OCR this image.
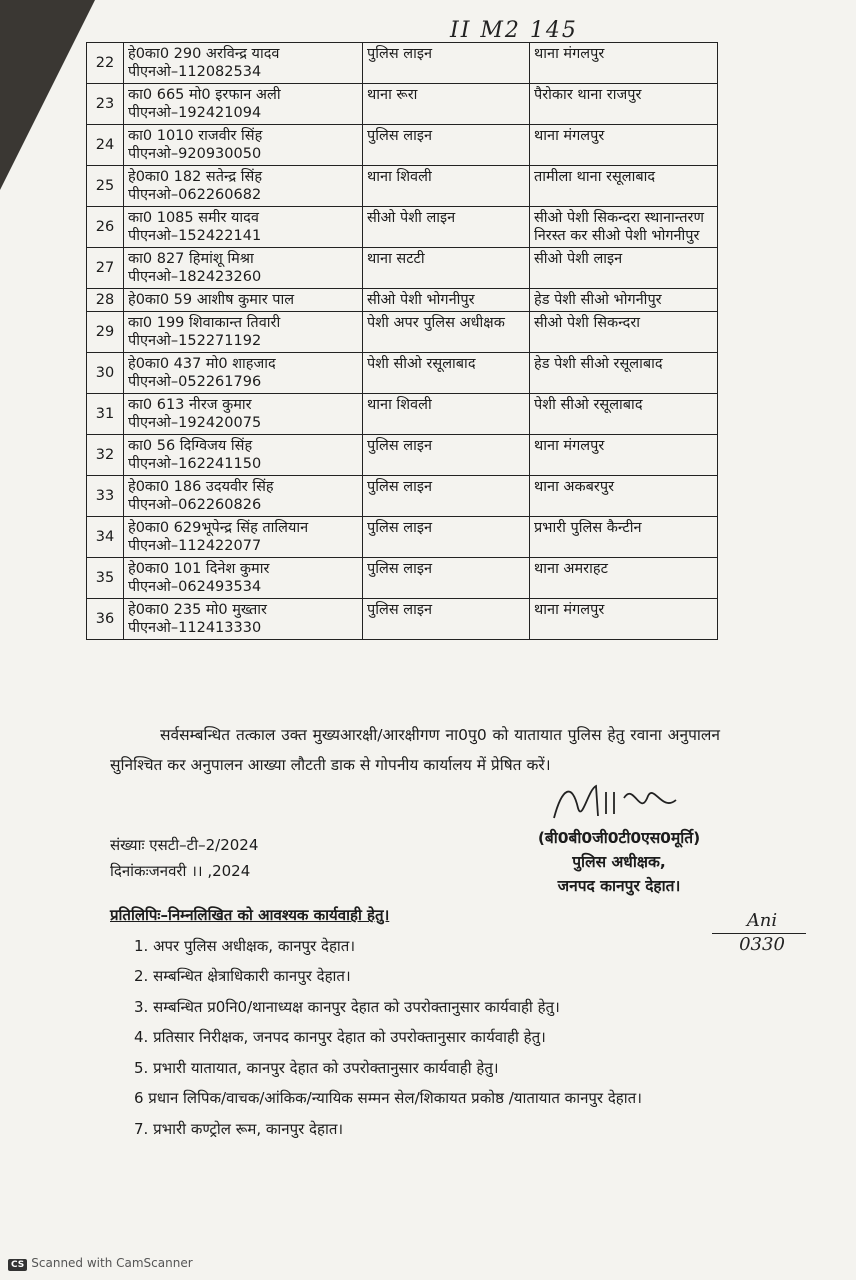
II M2 145
22	हे0का0 290 अरविन्द्र यादव
पीएनओ–112082534	पुलिस लाइन	थाना मंगलपुर

23	का0 665 मो0 इरफान अली
पीएनओ–192421094	थाना रूरा	पैरोकार थाना राजपुर

24	का0 1010 राजवीर सिंह
पीएनओ–920930050	पुलिस लाइन	थाना मंगलपुर

25	हे0का0 182 सतेन्द्र सिंह
पीएनओ–062260682	थाना शिवली	तामीला थाना रसूलाबाद

26	का0 1085 समीर यादव
पीएनओ–152422141	सीओ पेशी लाइन	सीओ पेशी सिकन्दरा स्थानान्तरण निरस्त कर सीओ पेशी भोगनीपुर

27	का0 827 हिमांशू मिश्रा
पीएनओ–182423260	थाना सटटी	सीओ पेशी लाइन

28	हे0का0 59 आशीष कुमार पाल	सीओ पेशी भोगनीपुर	हेड पेशी सीओ भोगनीपुर

29	का0 199 शिवाकान्त तिवारी
पीएनओ–152271192	पेशी अपर पुलिस अधीक्षक	सीओ पेशी सिकन्दरा

30	हे0का0 437 मो0 शाहजाद
पीएनओ–052261796	पेशी सीओ रसूलाबाद	हेड पेशी सीओ रसूलाबाद

31	का0 613 नीरज कुमार
पीएनओ–192420075	थाना शिवली	पेशी सीओ रसूलाबाद

32	का0 56 दिग्विजय सिंह
पीएनओ–162241150	पुलिस लाइन	थाना मंगलपुर

33	हे0का0 186 उदयवीर सिंह
पीएनओ–062260826	पुलिस लाइन	थाना अकबरपुर

34	हे0का0 629भूपेन्द्र सिंह तालियान
पीएनओ–112422077	पुलिस लाइन	प्रभारी पुलिस कैन्टीन

35	हे0का0 101 दिनेश कुमार
पीएनओ–062493534	पुलिस लाइन	थाना अमराहट

36	हे0का0 235 मो0 मुख्तार
पीएनओ–112413330	पुलिस लाइन	थाना मंगलपुर
सर्वसम्बन्धित तत्काल उक्त मुख्यआरक्षी/आरक्षीगण ना0पु0 को यातायात पुलिस हेतु रवाना अनुपालन सुनिश्चित कर अनुपालन आख्या लौटती डाक से गोपनीय कार्यालय में प्रेषित करें।
संख्याः एसटी–टी–2/2024
दिनांकःजनवरी ।। ,2024
(बी0बी0जी0टी0एस0मूर्ति)
पुलिस अधीक्षक,
जनपद कानपुर देहात।
प्रतिलिपिः–निम्नलिखित को आवश्यक कार्यवाही हेतु।
1. अपर पुलिस अधीक्षक, कानपुर देहात।
2. सम्बन्धित क्षेत्राधिकारी कानपुर देहात।
3. सम्बन्धित प्र0नि0/थानाध्यक्ष कानपुर देहात को उपरोक्तानुसार कार्यवाही हेतु।
4. प्रतिसार निरीक्षक, जनपद कानपुर देहात को उपरोक्तानुसार कार्यवाही हेतु।
5. प्रभारी यातायात, कानपुर देहात को उपरोक्तानुसार कार्यवाही हेतु।
6 प्रधान लिपिक/वाचक/आंकिक/न्यायिक सम्मन सेल/शिकायत प्रकोष्ठ /यातायात कानपुर देहात।
7. प्रभारी कण्ट्रोल रूम, कानपुर देहात।
Ani
0330
CS Scanned with CamScanner
